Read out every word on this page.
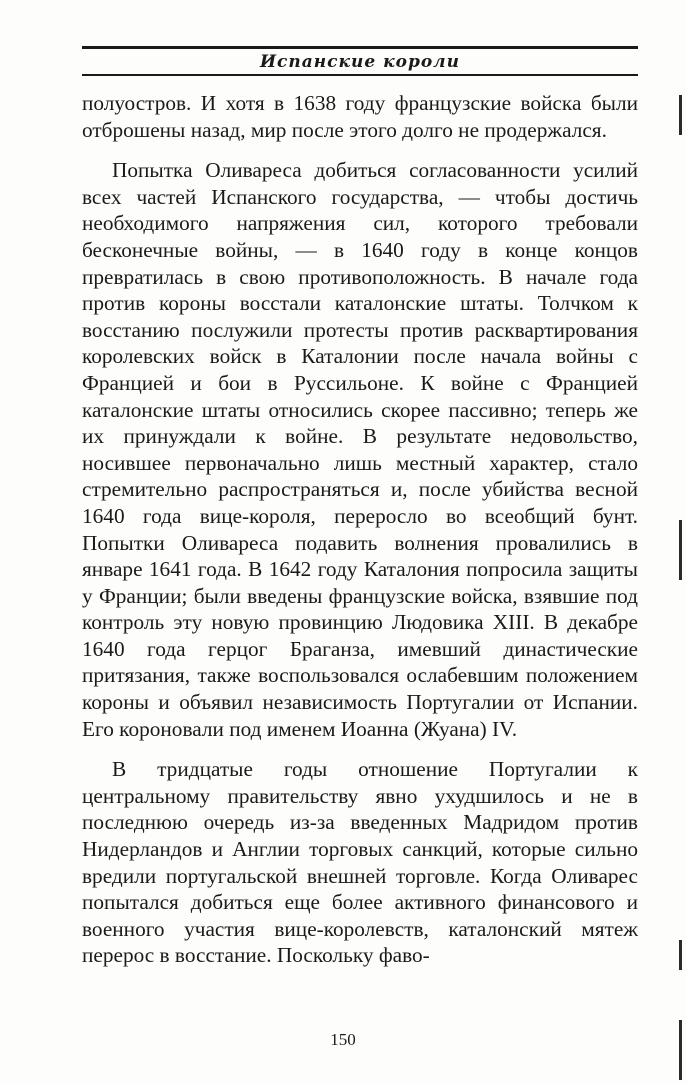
Испанские короли

полуостров. И хотя в 1638 году французские войска были отброшены назад, мир после этого долго не продержался.

Попытка Оливареса добиться согласованности усилий всех частей Испанского государства, — чтобы достичь необходимого напряжения сил, которого требовали бесконечные войны, — в 1640 году в конце концов превратилась в свою противоположность. В начале года против короны восстали каталонские штаты. Толчком к восстанию послужили протесты против расквартирования королевских войск в Каталонии после начала войны с Францией и бои в Руссильоне. К войне с Францией каталонские штаты относились скорее пассивно; теперь же их принуждали к войне. В результате недовольство, носившее первоначально лишь местный характер, стало стремительно распространяться и, после убийства весной 1640 года вице-короля, переросло во всеобщий бунт. Попытки Оливареса подавить волнения провалились в январе 1641 года. В 1642 году Каталония попросила защиты у Франции; были введены французские войска, взявшие под контроль эту новую провинцию Людовика XIII. В декабре 1640 года герцог Браганза, имевший династические притязания, также воспользовался ослабевшим положением короны и объявил независимость Португалии от Испании. Его короновали под именем Иоанна (Жуана) IV.

В тридцатые годы отношение Португалии к центральному правительству явно ухудшилось и не в последнюю очередь из-за введенных Мадридом против Нидерландов и Англии торговых санкций, которые сильно вредили португальской внешней торговле. Когда Оливарес попытался добиться еще более активного финансового и военного участия вице-королевств, каталонский мятеж перерос в восстание. Поскольку фаво-

150
